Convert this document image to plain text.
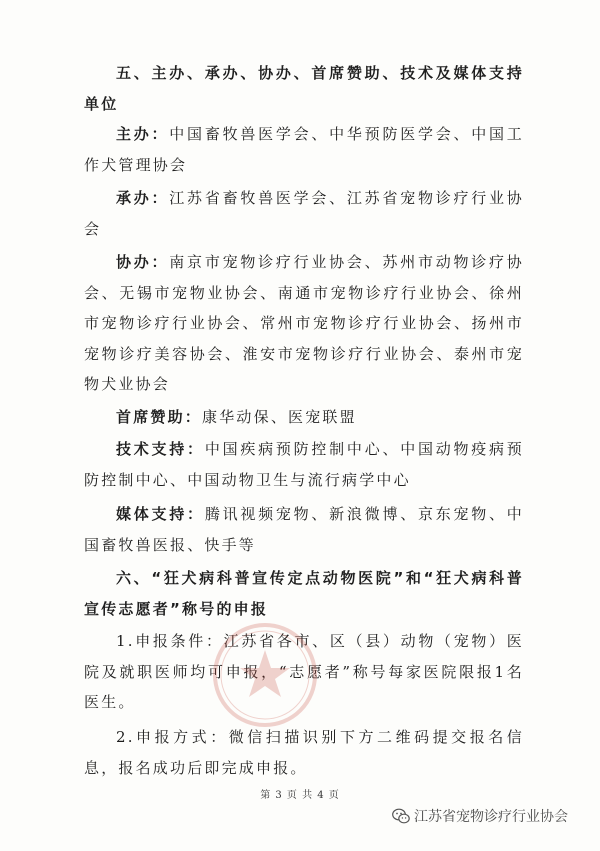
五、主办、承办、协办、首席赞助、技术及媒体支持单位

主办：中国畜牧兽医学会、中华预防医学会、中国工作犬管理协会

承办：江苏省畜牧兽医学会、江苏省宠物诊疗行业协会

协办：南京市宠物诊疗行业协会、苏州市动物诊疗协会、无锡市宠物业协会、南通市宠物诊疗行业协会、徐州市宠物诊疗行业协会、常州市宠物诊疗行业协会、扬州市宠物诊疗美容协会、淮安市宠物诊疗行业协会、泰州市宠物犬业协会

首席赞助：康华动保、医宠联盟

技术支持：中国疾病预防控制中心、中国动物疫病预防控制中心、中国动物卫生与流行病学中心

媒体支持：腾讯视频宠物、新浪微博、京东宠物、中国畜牧兽医报、快手等

六、“狂犬病科普宣传定点动物医院”和“狂犬病科普宣传志愿者”称号的申报

1.申报条件：江苏省各市、区（县）动物（宠物）医院及就职医师均可申报，“志愿者”称号每家医院限报1名医生。

2.申报方式：微信扫描识别下方二维码提交报名信息，报名成功后即完成申报。

第 3 页 共 4 页
江苏省宠物诊疗行业协会
